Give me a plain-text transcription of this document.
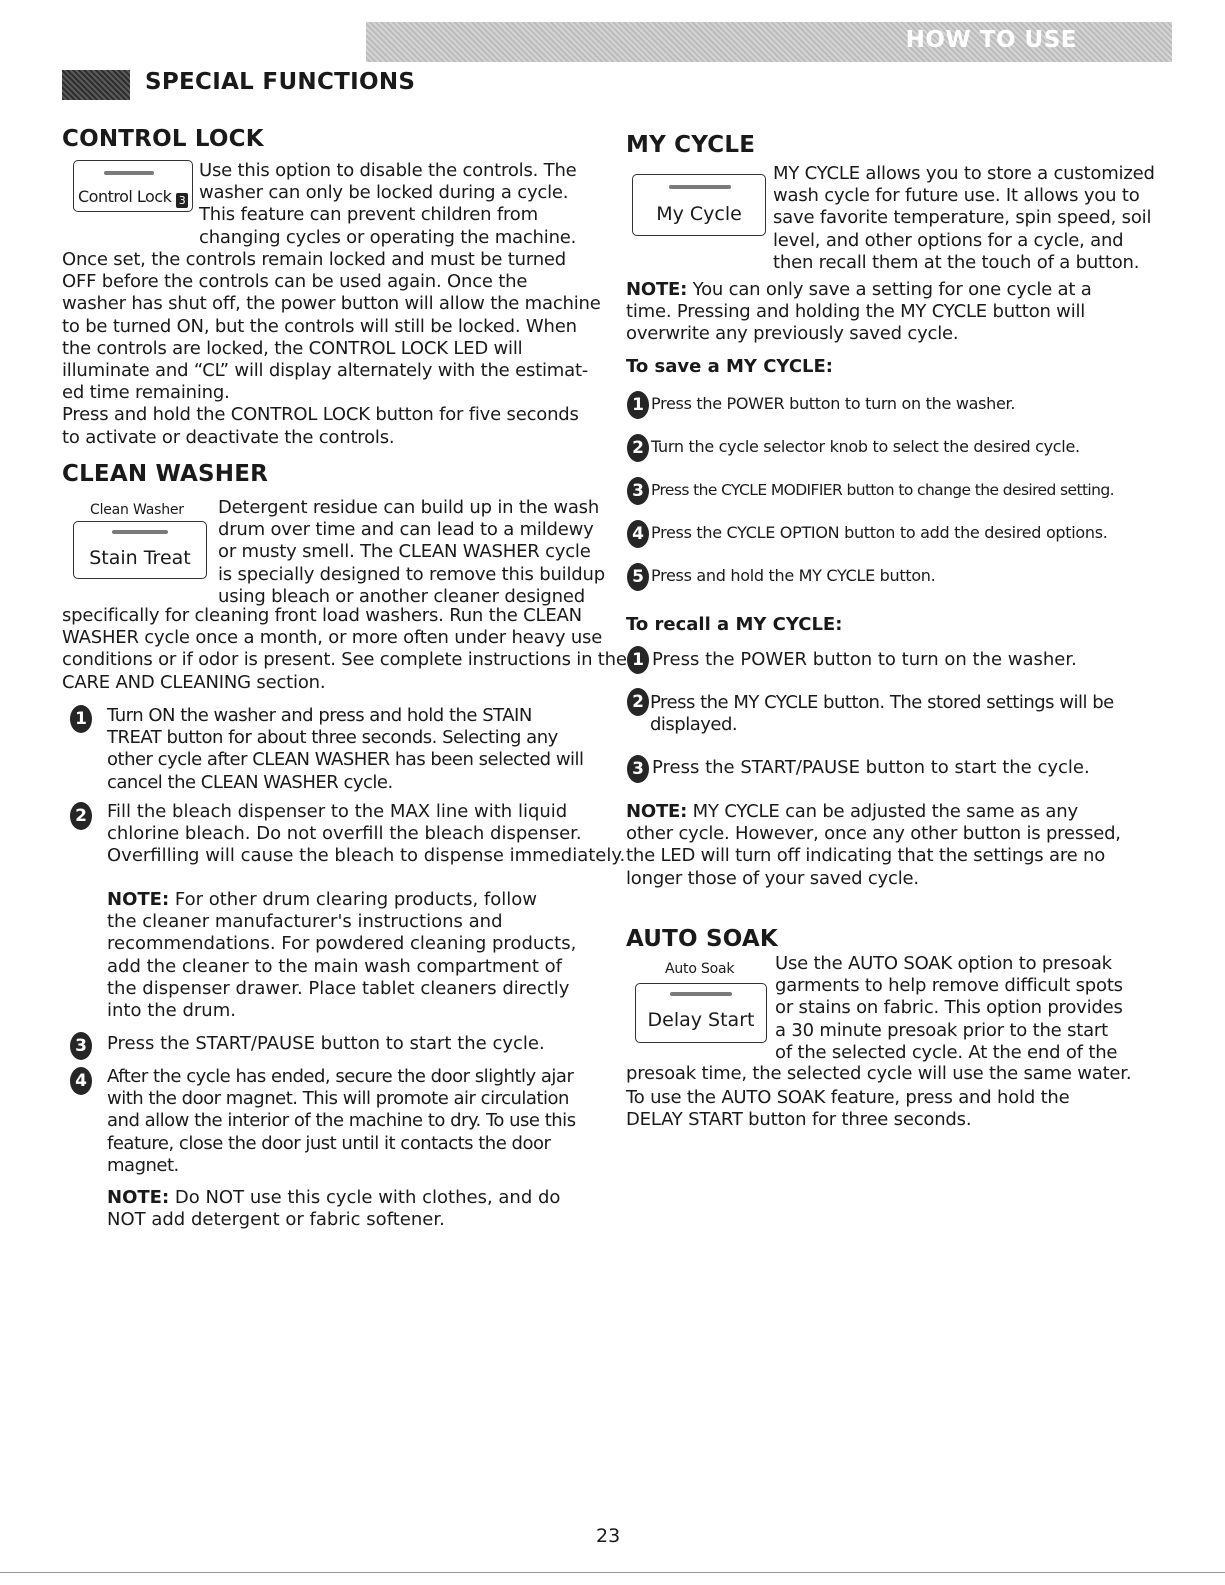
HOW TO USE
SPECIAL FUNCTIONS
CONTROL LOCK
Control Lock 3
Use this option to disable the controls. The
washer can only be locked during a cycle.
This feature can prevent children from
changing cycles or operating the machine.
Once set, the controls remain locked and must be turned
OFF before the controls can be used again. Once the
washer has shut off, the power button will allow the machine
to be turned ON, but the controls will still be locked. When
the controls are locked, the CONTROL LOCK LED will
illuminate and “CL” will display alternately with the estimat-
ed time remaining.
Press and hold the CONTROL LOCK button for five seconds
to activate or deactivate the controls.
CLEAN WASHER
Clean Washer
Stain Treat
Detergent residue can build up in the wash
drum over time and can lead to a mildewy
or musty smell. The CLEAN WASHER cycle
is specially designed to remove this buildup
using bleach or another cleaner designed
specifically for cleaning front load washers. Run the CLEAN
WASHER cycle once a month, or more often under heavy use
conditions or if odor is present. See complete instructions in the
CARE AND CLEANING section.
1 Turn ON the washer and press and hold the STAIN
TREAT button for about three seconds. Selecting any
other cycle after CLEAN WASHER has been selected will
cancel the CLEAN WASHER cycle.
2 Fill the bleach dispenser to the MAX line with liquid
chlorine bleach. Do not overfill the bleach dispenser.
Overfilling will cause the bleach to dispense immediately.
NOTE: For other drum clearing products, follow
the cleaner manufacturer's instructions and
recommendations. For powdered cleaning products,
add the cleaner to the main wash compartment of
the dispenser drawer. Place tablet cleaners directly
into the drum.
3 Press the START/PAUSE button to start the cycle.
4 After the cycle has ended, secure the door slightly ajar
with the door magnet. This will promote air circulation
and allow the interior of the machine to dry. To use this
feature, close the door just until it contacts the door
magnet.
NOTE: Do NOT use this cycle with clothes, and do
NOT add detergent or fabric softener.
MY CYCLE
My Cycle
MY CYCLE allows you to store a customized
wash cycle for future use. It allows you to
save favorite temperature, spin speed, soil
level, and other options for a cycle, and
then recall them at the touch of a button.
NOTE: You can only save a setting for one cycle at a
time. Pressing and holding the MY CYCLE button will
overwrite any previously saved cycle.
To save a MY CYCLE:
1 Press the POWER button to turn on the washer.
2 Turn the cycle selector knob to select the desired cycle.
3 Press the CYCLE MODIFIER button to change the desired setting.
4 Press the CYCLE OPTION button to add the desired options.
5 Press and hold the MY CYCLE button.
To recall a MY CYCLE:
1 Press the POWER button to turn on the washer.
2 Press the MY CYCLE button. The stored settings will be
displayed.
3 Press the START/PAUSE button to start the cycle.
NOTE: MY CYCLE can be adjusted the same as any
other cycle. However, once any other button is pressed,
the LED will turn off indicating that the settings are no
longer those of your saved cycle.
AUTO SOAK
Auto Soak
Delay Start
Use the AUTO SOAK option to presoak
garments to help remove difficult spots
or stains on fabric. This option provides
a 30 minute presoak prior to the start
of the selected cycle. At the end of the
presoak time, the selected cycle will use the same water.
To use the AUTO SOAK feature, press and hold the
DELAY START button for three seconds.
23
